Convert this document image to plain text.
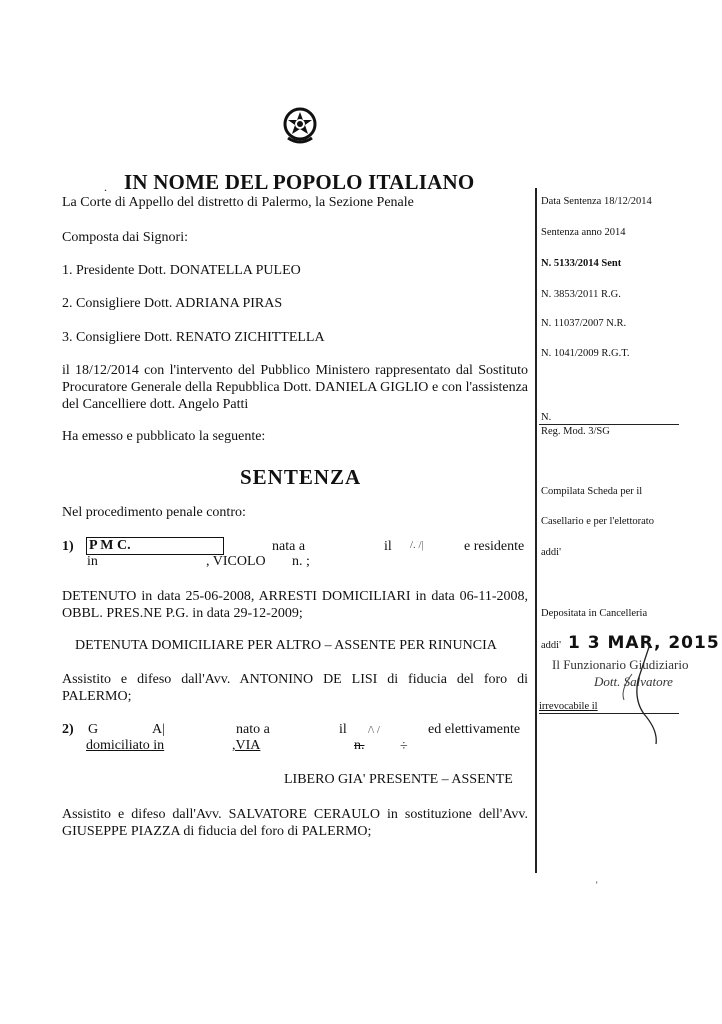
IN NOME DEL POPOLO ITALIANO
.
La Corte di Appello del distretto di Palermo, la Sezione Penale
Composta dai Signori:
1. Presidente Dott. DONATELLA PULEO
2. Consigliere Dott. ADRIANA PIRAS
3. Consigliere Dott. RENATO ZICHITTELLA
il 18/12/2014 con l'intervento del Pubblico Ministero rappresentato dal Sostituto Procuratore Generale della Repubblica Dott. DANIELA GIGLIO e con l'assistenza del Cancelliere dott. Angelo Patti
Ha emesso e pubblicato la seguente:
SENTENZA
Nel procedimento penale contro:
1) P M C.	nata a	il /. /|	e residente
in	, VICOLO n. ;
DETENUTO in data 25-06-2008, ARRESTI DOMICILIARI in data 06-11-2008, OBBL. PRES.NE P.G. in data 29-12-2009;
DETENUTA DOMICILIARE PER ALTRO – ASSENTE PER RINUNCIA
Assistito e difeso dall'Avv. ANTONINO DE LISI di fiducia del foro di PALERMO;
2) G	A|	nato a	il /\ /	ed elettivamente
domiciliato in	,VIA	n.	÷
LIBERO GIA' PRESENTE – ASSENTE
Assistito e difeso dall'Avv. SALVATORE CERAULO in sostituzione dell'Avv. GIUSEPPE PIAZZA di fiducia del foro di PALERMO;
Data Sentenza 18/12/2014
Sentenza anno 2014
N. 5133/2014 Sent
N. 3853/2011 R.G.
N. 11037/2007 N.R.
N. 1041/2009 R.G.T.
N.
Reg. Mod. 3/SG
Compilata Scheda per il
Casellario e per l'elettorato
addi'
Depositata in Cancelleria
addi' 1 3 MAR, 2015
Il Funzionario Giudiziario
Dott. Salvatore
irrevocabile il
'
